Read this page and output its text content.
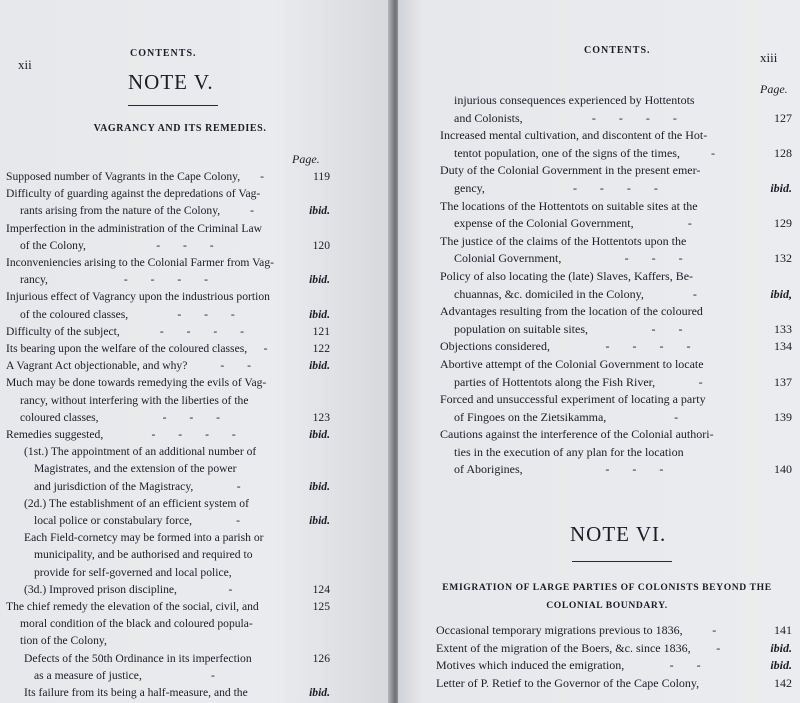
xii
CONTENTS.
NOTE V.
VAGRANCY AND ITS REMEDIES.
Page.
Supposed number of Vagrants in the Cape Colony,	-	119
Difficulty of guarding against the depredations of Vag-
rants arising from the nature of the Colony,	-	ibid.
Imperfection in the administration of the Criminal Law
of the Colony,	- - -	120
Inconveniencies arising to the Colonial Farmer from Vag-
rancy,	- - - -	ibid.
Injurious effect of Vagrancy upon the industrious portion
of the coloured classes,	- - -	ibid.
Difficulty of the subject,	- - - -	121
Its bearing upon the welfare of the coloured classes,	-	122
A Vagrant Act objectionable, and why?	- -	ibid.
Much may be done towards remedying the evils of Vag-
rancy, without interfering with the liberties of the
coloured classes,	- - -	123
Remedies suggested,	- - - -	ibid.
(1st.) The appointment of an additional number of
Magistrates, and the extension of the power
and jurisdiction of the Magistracy,	-	ibid.
(2d.) The establishment of an efficient system of
local police or constabulary force,	-	ibid.
Each Field-cornetcy may be formed into a parish or
municipality, and be authorised and required to
provide for self-governed and local police,
(3d.) Improved prison discipline,	-	124
The chief remedy the elevation of the social, civil, and	125
moral condition of the black and coloured popula-
tion of the Colony,
Defects of the 50th Ordinance in its imperfection	126
as a measure of justice,	-
Its failure from its being a half-measure, and the	ibid.
CONTENTS.	xiii
Page.
injurious consequences experienced by Hottentots
and Colonists,	- - - -	127
Increased mental cultivation, and discontent of the Hot-
tentot population, one of the signs of the times,	-	128
Duty of the Colonial Government in the present emer-
gency,	- - - -	ibid.
The locations of the Hottentots on suitable sites at the
expense of the Colonial Government,	-	129
The justice of the claims of the Hottentots upon the
Colonial Government,	- - -	132
Policy of also locating the (late) Slaves, Kaffers, Be-
chuannas, &c. domiciled in the Colony,	-	ibid,
Advantages resulting from the location of the coloured
population on suitable sites,	- -	133
Objections considered,	- - - -	134
Abortive attempt of the Colonial Government to locate
parties of Hottentots along the Fish River,	-	137
Forced and unsuccessful experiment of locating a party
of Fingoes on the Zietsikamma,	-	139
Cautions against the interference of the Colonial authori-
ties in the execution of any plan for the location
of Aborigines,	- - -	140
NOTE VI.
EMIGRATION OF LARGE PARTIES OF COLONISTS BEYOND THE
COLONIAL BOUNDARY.
Occasional temporary migrations previous to 1836,	-	141
Extent of the migration of the Boers, &c. since 1836,	-	ibid.
Motives which induced the emigration,	- -	ibid.
Letter of P. Retief to the Governor of the Cape Colony,	142
